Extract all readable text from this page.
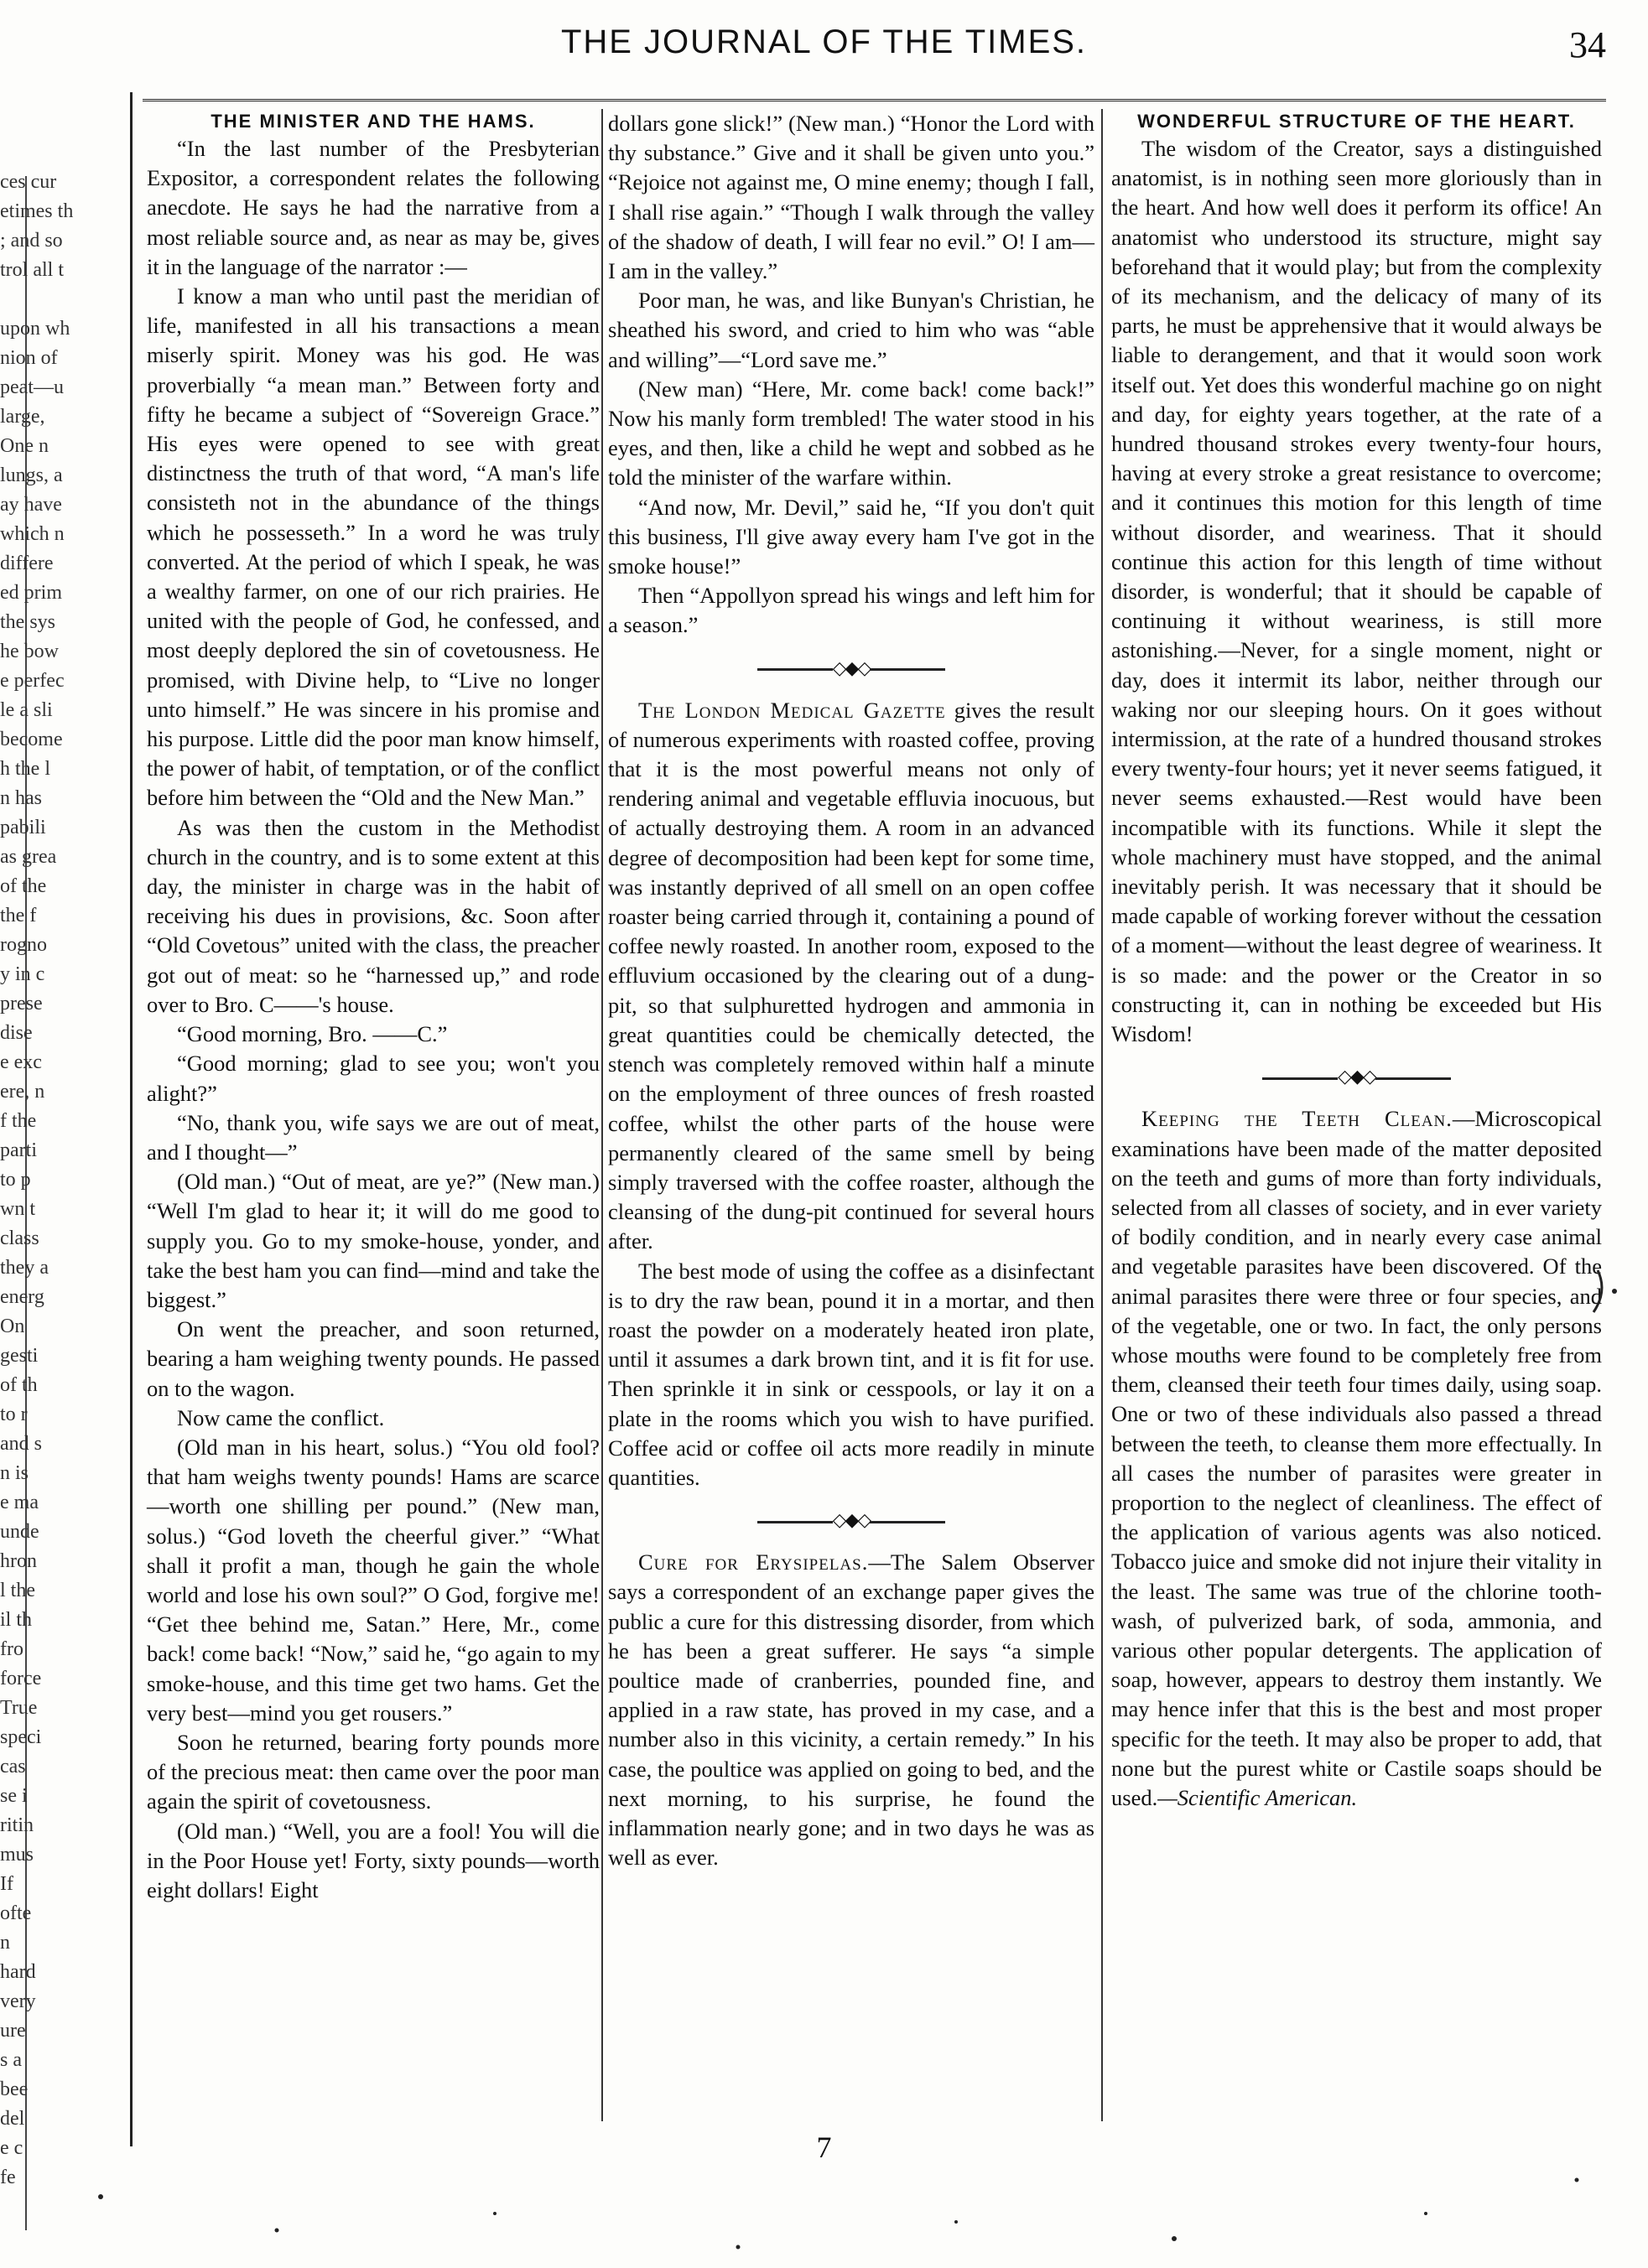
THE JOURNAL OF THE TIMES.	34
ces cur
etimes th
; and so
trol all t

upon wh
nion of
peat—u
large,
One n
lungs, a
ay have
which n
differe
ed prim
the sys
he bow
e perfec
le a sli
become
h the l
n has
pabili
as grea
of the
the f
rogno
y in c
prese
dise
e exc
ere, n
f the
parti
to p
wn t
class
they a
energ
On
gesti
of th
to r
and s
n is
e ma
unde
hron
l the
il th
fro
force
True
speci
cas
se i
ritin
mus
If
ofte
n
hard
very
ure
s a
bee
del
e c
fe

THE MINISTER AND THE HAMS.

“In the last number of the Presbyterian Expositor, a correspondent relates the following anecdote. He says he had the narrative from a most reliable source and, as near as may be, gives it in the language of the narrator :—

I know a man who until past the meridian of life, manifested in all his transactions a mean miserly spirit. Money was his god. He was proverbially “a mean man.” Between forty and fifty he became a subject of “Sovereign Grace.” His eyes were opened to see with great distinctness the truth of that word, “A man's life consisteth not in the abundance of the things which he possesseth.” In a word he was truly converted. At the period of which I speak, he was a wealthy farmer, on one of our rich prairies. He united with the people of God, he confessed, and most deeply deplored the sin of covetousness. He promised, with Divine help, to “Live no longer unto himself.” He was sincere in his promise and his purpose. Little did the poor man know himself, the power of habit, of temptation, or of the conflict before him between the “Old and the New Man.”

As was then the custom in the Methodist church in the country, and is to some extent at this day, the minister in charge was in the habit of receiving his dues in provisions, &c. Soon after “Old Covetous” united with the class, the preacher got out of meat: so he “harnessed up,” and rode over to Bro. C——'s house.

“Good morning, Bro. ——C.”

“Good morning; glad to see you; won't you alight?”

“No, thank you, wife says we are out of meat, and I thought—”

(Old man.) “Out of meat, are ye?” (New man.) “Well I'm glad to hear it; it will do me good to supply you. Go to my smoke-house, yonder, and take the best ham you can find—mind and take the biggest.”

On went the preacher, and soon returned, bearing a ham weighing twenty pounds. He passed on to the wagon.

Now came the conflict.

(Old man in his heart, solus.) “You old fool? that ham weighs twenty pounds! Hams are scarce—worth one shilling per pound.” (New man, solus.) “God loveth the cheerful giver.” “What shall it profit a man, though he gain the whole world and lose his own soul?” O God, forgive me! “Get thee behind me, Satan.” Here, Mr., come back! come back! “Now,” said he, “go again to my smoke-house, and this time get two hams. Get the very best—mind you get rousers.”

Soon he returned, bearing forty pounds more of the precious meat: then came over the poor man again the spirit of covetousness.

(Old man.) “Well, you are a fool! You will die in the Poor House yet! Forty, sixty pounds—worth eight dollars! Eight

dollars gone slick!” (New man.) “Honor the Lord with thy substance.” Give and it shall be given unto you.” “Rejoice not against me, O mine enemy; though I fall, I shall rise again.” “Though I walk through the valley of the shadow of death, I will fear no evil.” O! I am—I am in the valley.”

Poor man, he was, and like Bunyan's Christian, he sheathed his sword, and cried to him who was “able and willing”—“Lord save me.”

(New man) “Here, Mr. come back! come back!” Now his manly form trembled! The water stood in his eyes, and then, like a child he wept and sobbed as he told the minister of the warfare within.

“And now, Mr. Devil,” said he, “If you don't quit this business, I'll give away every ham I've got in the smoke house!”

Then “Appollyon spread his wings and left him for a season.”

◇◆◇

The London Medical Gazette gives the result of numerous experiments with roasted coffee, proving that it is the most powerful means not only of rendering animal and vegetable effluvia inocuous, but of actually destroying them. A room in an advanced degree of decomposition had been kept for some time, was instantly deprived of all smell on an open coffee roaster being carried through it, containing a pound of coffee newly roasted. In another room, exposed to the effluvium occasioned by the clearing out of a dung-pit, so that sulphuretted hydrogen and ammonia in great quantities could be chemically detected, the stench was completely removed within half a minute on the employment of three ounces of fresh roasted coffee, whilst the other parts of the house were permanently cleared of the same smell by being simply traversed with the coffee roaster, although the cleansing of the dung-pit continued for several hours after.

The best mode of using the coffee as a disinfectant is to dry the raw bean, pound it in a mortar, and then roast the powder on a moderately heated iron plate, until it assumes a dark brown tint, and it is fit for use. Then sprinkle it in sink or cesspools, or lay it on a plate in the rooms which you wish to have purified. Coffee acid or coffee oil acts more readily in minute quantities.

◇◆◇

Cure for Erysipelas.—The Salem Observer says a correspondent of an exchange paper gives the public a cure for this distressing disorder, from which he has been a great sufferer. He says “a simple poultice made of cranberries, pounded fine, and applied in a raw state, has proved in my case, and a number also in this vicinity, a certain remedy.” In his case, the poultice was applied on going to bed, and the next morning, to his surprise, he found the inflammation nearly gone; and in two days he was as well as ever.

WONDERFUL STRUCTURE OF THE HEART.

The wisdom of the Creator, says a distinguished anatomist, is in nothing seen more gloriously than in the heart. And how well does it perform its office! An anatomist who understood its structure, might say beforehand that it would play; but from the complexity of its mechanism, and the delicacy of many of its parts, he must be apprehensive that it would always be liable to derangement, and that it would soon work itself out. Yet does this wonderful machine go on night and day, for eighty years together, at the rate of a hundred thousand strokes every twenty-four hours, having at every stroke a great resistance to overcome; and it continues this motion for this length of time without disorder, and weariness. That it should continue this action for this length of time without disorder, is wonderful; that it should be capable of continuing it without weariness, is still more astonishing.—Never, for a single moment, night or day, does it intermit its labor, neither through our waking nor our sleeping hours. On it goes without intermission, at the rate of a hundred thousand strokes every twenty-four hours; yet it never seems fatigued, it never seems exhausted.—Rest would have been incompatible with its functions. While it slept the whole machinery must have stopped, and the animal inevitably perish. It was necessary that it should be made capable of working forever without the cessation of a moment—without the least degree of weariness. It is so made: and the power or the Creator in so constructing it, can in nothing be exceeded but His Wisdom!

◇◆◇

Keeping the Teeth Clean.—Microscopical examinations have been made of the matter deposited on the teeth and gums of more than forty individuals, selected from all classes of society, and in ever variety of bodily condition, and in nearly every case animal and vegetable parasites have been discovered. Of the animal parasites there were three or four species, and of the vegetable, one or two. In fact, the only persons whose mouths were found to be completely free from them, cleansed their teeth four times daily, using soap. One or two of these individuals also passed a thread between the teeth, to cleanse them more effectually. In all cases the number of parasites were greater in proportion to the neglect of cleanliness. The effect of the application of various agents was also noticed. Tobacco juice and smoke did not injure their vitality in the least. The same was true of the chlorine tooth-wash, of pulverized bark, of soda, ammonia, and various other popular detergents. The application of soap, however, appears to destroy them instantly. We may hence infer that this is the best and most proper specific for the teeth. It may also be proper to add, that none but the purest white or Castile soaps should be used.—Scientific American.

7
